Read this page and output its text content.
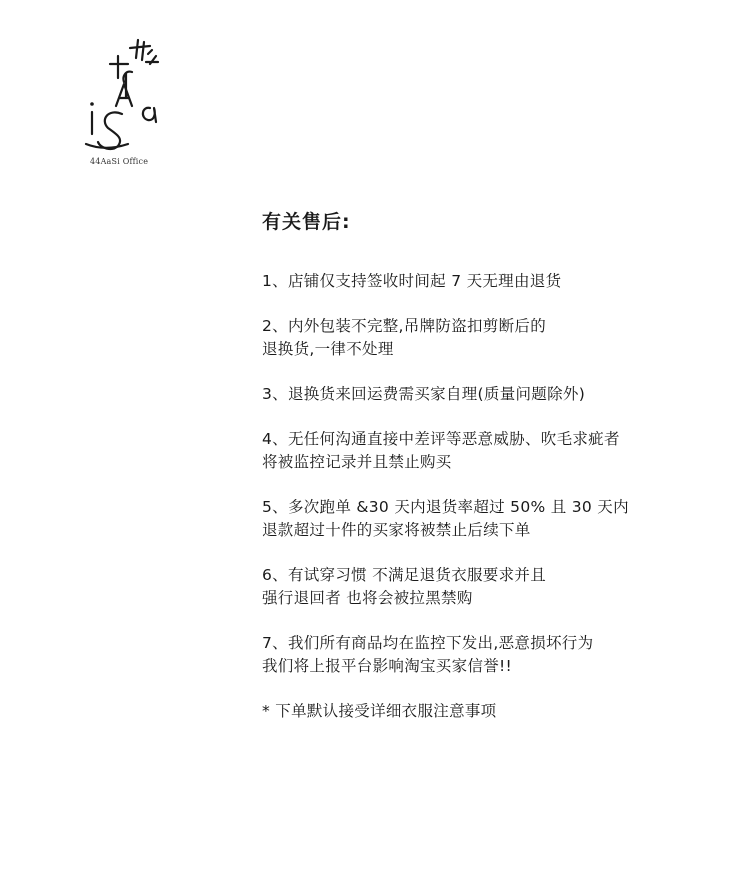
44AaSi Office
有关售后:
1、店铺仅支持签收时间起 7 天无理由退货
2、内外包装不完整,吊牌防盗扣剪断后的
退换货,一律不处理
3、退换货来回运费需买家自理(质量问题除外)
4、无任何沟通直接中差评等恶意威胁、吹毛求疵者
将被监控记录并且禁止购买
5、多次跑单 &30 天内退货率超过 50% 且 30 天内
退款超过十件的买家将被禁止后续下单
6、有试穿习惯 不满足退货衣服要求并且
强行退回者 也将会被拉黑禁购
7、我们所有商品均在监控下发出,恶意损坏行为
我们将上报平台影响淘宝买家信誉!!
* 下单默认接受详细衣服注意事项
